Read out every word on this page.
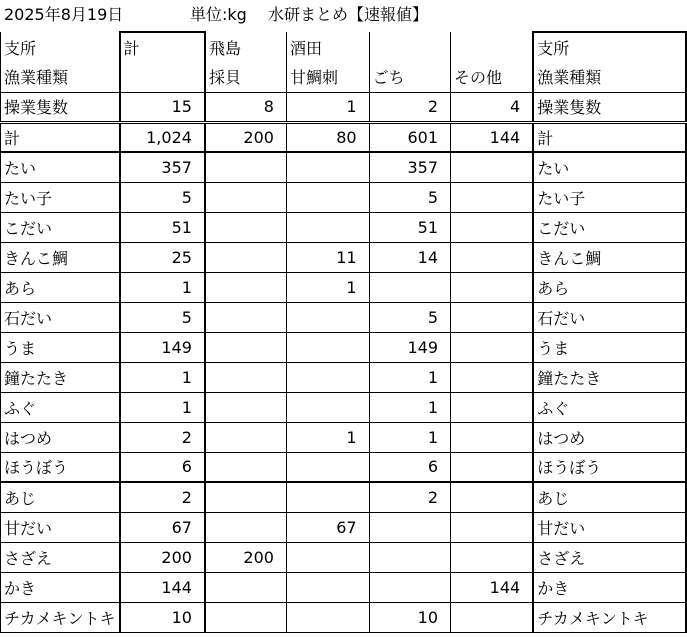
2025年8月19日	単位:kg 水研まとめ【速報値】
支所	計	飛島	酒田			支所
漁業種類		採貝	甘鯛刺	ごち	その他	漁業種類
操業隻数	15	8	1	2	4	操業隻数
計	1,024	200	80	601	144	計
たい	357			357		たい
たい子	5			5		たい子
こだい	51			51		こだい
きんこ鯛	25		11	14		きんこ鯛
あら	1		1			あら
石だい	5			5		石だい
うま	149			149		うま
鐘たたき	1			1		鐘たたき
ふぐ	1			1		ふぐ
はつめ	2		1	1		はつめ
ほうぼう	6			6		ほうぼう
あじ	2			2		あじ
甘だい	67		67			甘だい
さざえ	200	200				さざえ
かき	144				144	かき
チカメキントキ	10			10		チカメキントキ
